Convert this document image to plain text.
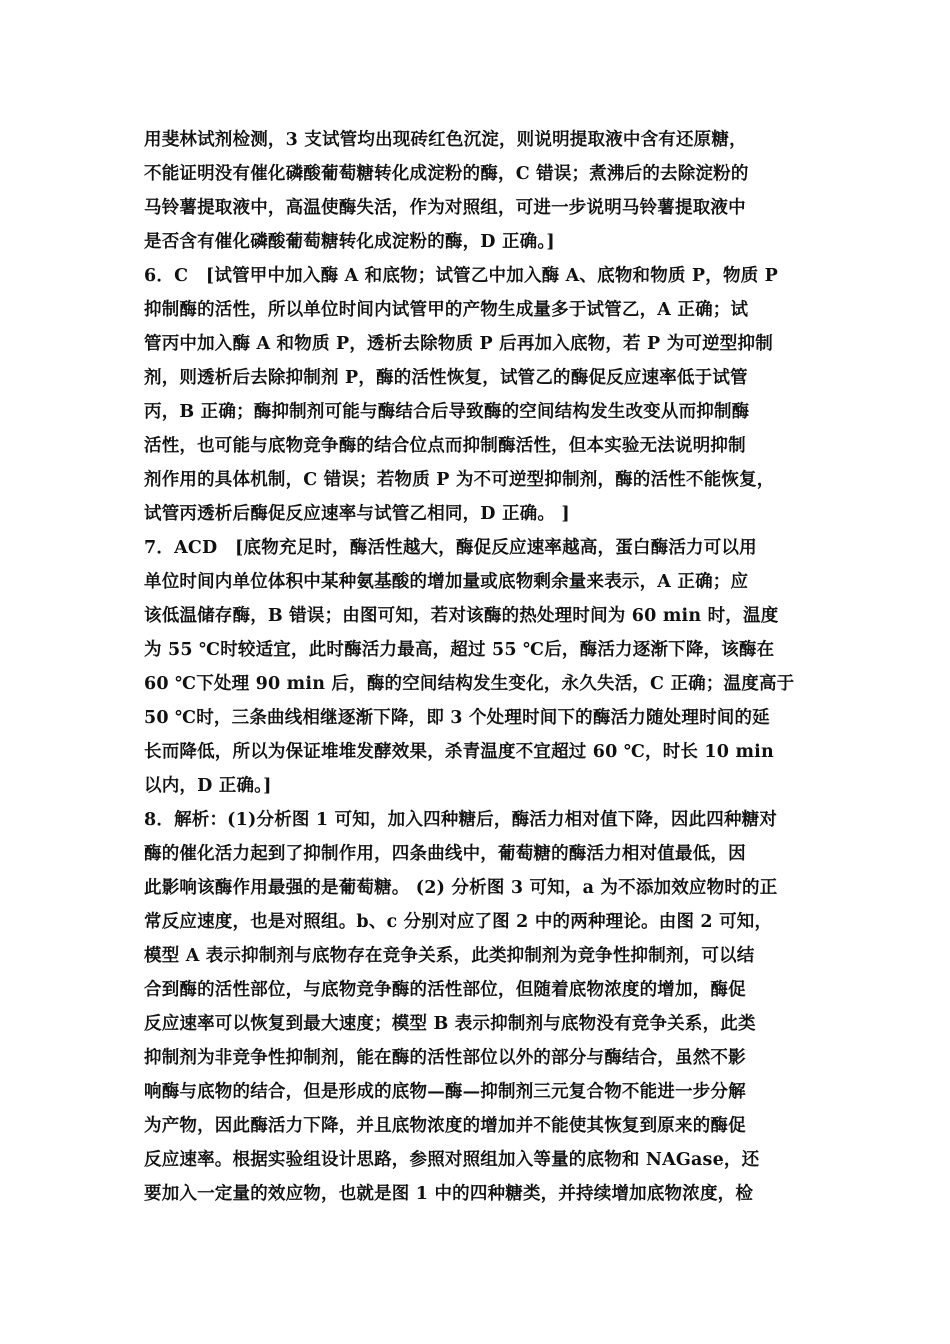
用斐林试剂检测，3 支试管均出现砖红色沉淀，则说明提取液中含有还原糖，
不能证明没有催化磷酸葡萄糖转化成淀粉的酶，C 错误；煮沸后的去除淀粉的
马铃薯提取液中，高温使酶失活，作为对照组，可进一步说明马铃薯提取液中
是否含有催化磷酸葡萄糖转化成淀粉的酶，D 正确。]
6．C　[试管甲中加入酶 A 和底物；试管乙中加入酶 A、底物和物质 P，物质 P
抑制酶的活性，所以单位时间内试管甲的产物生成量多于试管乙，A 正确；试
管丙中加入酶 A 和物质 P，透析去除物质 P 后再加入底物，若 P 为可逆型抑制
剂，则透析后去除抑制剂 P，酶的活性恢复，试管乙的酶促反应速率低于试管
丙，B 正确；酶抑制剂可能与酶结合后导致酶的空间结构发生改变从而抑制酶
活性，也可能与底物竞争酶的结合位点而抑制酶活性，但本实验无法说明抑制
剂作用的具体机制，C 错误；若物质 P 为不可逆型抑制剂，酶的活性不能恢复，
试管丙透析后酶促反应速率与试管乙相同，D 正确。 ]
7．ACD　[底物充足时，酶活性越大，酶促反应速率越高，蛋白酶活力可以用
单位时间内单位体积中某种氨基酸的增加量或底物剩余量来表示，A 正确；应
该低温储存酶，B 错误；由图可知，若对该酶的热处理时间为 60 min 时，温度
为 55 ℃时较适宜，此时酶活力最高，超过 55 ℃后，酶活力逐渐下降，该酶在
60 ℃下处理 90 min 后，酶的空间结构发生变化，永久失活，C 正确；温度高于
50 ℃时，三条曲线相继逐渐下降，即 3 个处理时间下的酶活力随处理时间的延
长而降低，所以为保证堆堆发酵效果，杀青温度不宜超过 60 ℃，时长 10 min
以内，D 正确。]
8．解析：(1)分析图 1 可知，加入四种糖后，酶活力相对值下降，因此四种糖对
酶的催化活力起到了抑制作用，四条曲线中，葡萄糖的酶活力相对值最低，因
此影响该酶作用最强的是葡萄糖。 (2) 分析图 3 可知，a 为不添加效应物时的正
常反应速度，也是对照组。b、c 分别对应了图 2 中的两种理论。由图 2 可知，
模型 A 表示抑制剂与底物存在竞争关系，此类抑制剂为竞争性抑制剂，可以结
合到酶的活性部位，与底物竞争酶的活性部位，但随着底物浓度的增加，酶促
反应速率可以恢复到最大速度；模型 B 表示抑制剂与底物没有竞争关系，此类
抑制剂为非竞争性抑制剂，能在酶的活性部位以外的部分与酶结合，虽然不影
响酶与底物的结合，但是形成的底物—酶—抑制剂三元复合物不能进一步分解
为产物，因此酶活力下降，并且底物浓度的增加并不能使其恢复到原来的酶促
反应速率。根据实验组设计思路，参照对照组加入等量的底物和 NAGase，还
要加入一定量的效应物，也就是图 1 中的四种糖类，并持续增加底物浓度，检
